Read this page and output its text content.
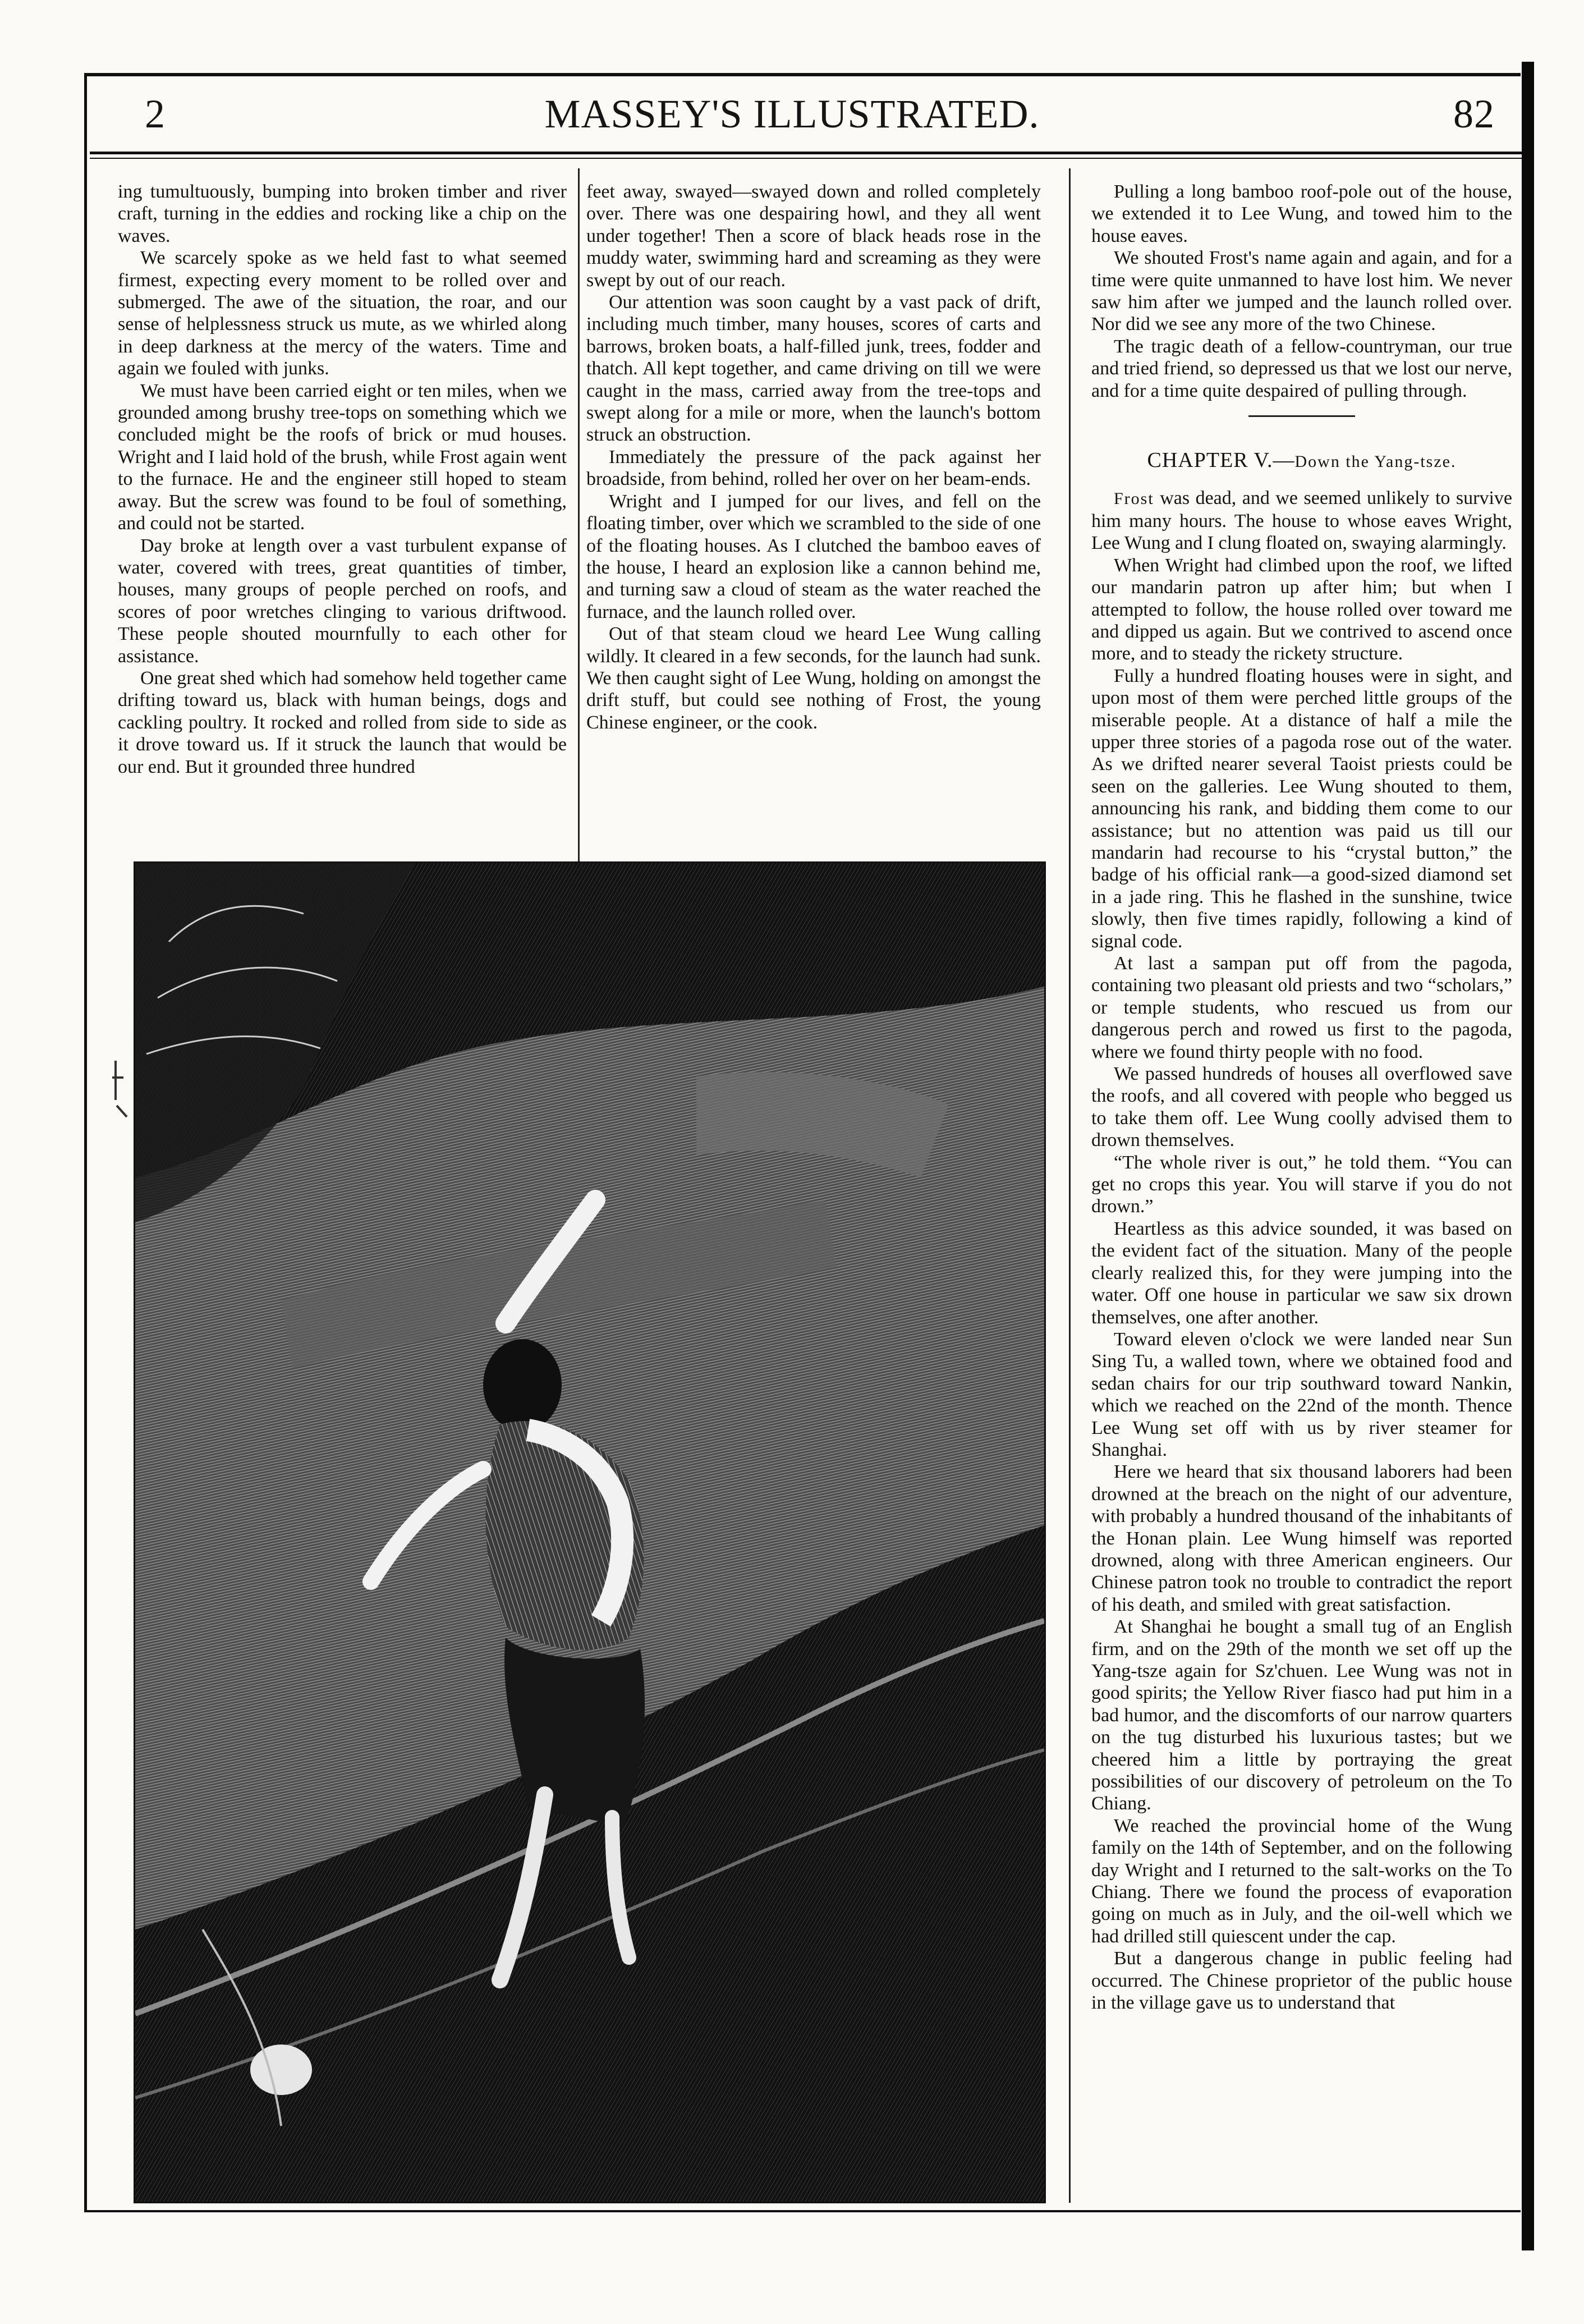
2	MASSEY'S ILLUSTRATED.	82

ing tumultuously, bumping into broken timber and river craft, turning in the eddies and rocking like a chip on the waves.

We scarcely spoke as we held fast to what seemed firmest, expecting every moment to be rolled over and submerged. The awe of the situation, the roar, and our sense of helplessness struck us mute, as we whirled along in deep darkness at the mercy of the waters. Time and again we fouled with junks.

We must have been carried eight or ten miles, when we grounded among brushy tree-tops on something which we concluded might be the roofs of brick or mud houses. Wright and I laid hold of the brush, while Frost again went to the furnace. He and the engineer still hoped to steam away. But the screw was found to be foul of something, and could not be started.

Day broke at length over a vast turbulent expanse of water, covered with trees, great quantities of timber, houses, many groups of people perched on roofs, and scores of poor wretches clinging to various driftwood. These people shouted mournfully to each other for assistance.

One great shed which had somehow held together came drifting toward us, black with human beings, dogs and cackling poultry. It rocked and rolled from side to side as it drove toward us. If it struck the launch that would be our end. But it grounded three hundred

feet away, swayed—swayed down and rolled completely over. There was one despairing howl, and they all went under together! Then a score of black heads rose in the muddy water, swimming hard and screaming as they were swept by out of our reach.

Our attention was soon caught by a vast pack of drift, including much timber, many houses, scores of carts and barrows, broken boats, a half-filled junk, trees, fodder and thatch. All kept together, and came driving on till we were caught in the mass, carried away from the tree-tops and swept along for a mile or more, when the launch's bottom struck an obstruction.

Immediately the pressure of the pack against her broadside, from behind, rolled her over on her beam-ends.

Wright and I jumped for our lives, and fell on the floating timber, over which we scrambled to the side of one of the floating houses. As I clutched the bamboo eaves of the house, I heard an explosion like a cannon behind me, and turning saw a cloud of steam as the water reached the furnace, and the launch rolled over.

Out of that steam cloud we heard Lee Wung calling wildly. It cleared in a few seconds, for the launch had sunk. We then caught sight of Lee Wung, holding on amongst the drift stuff, but could see nothing of Frost, the young Chinese engineer, or the cook.

Pulling a long bamboo roof-pole out of the house, we extended it to Lee Wung, and towed him to the house eaves.

We shouted Frost's name again and again, and for a time were quite unmanned to have lost him. We never saw him after we jumped and the launch rolled over. Nor did we see any more of the two Chinese.

The tragic death of a fellow-countryman, our true and tried friend, so depressed us that we lost our nerve, and for a time quite despaired of pulling through.

CHAPTER V.—Down the Yang-tsze.

Frost was dead, and we seemed unlikely to survive him many hours. The house to whose eaves Wright, Lee Wung and I clung floated on, swaying alarmingly.

When Wright had climbed upon the roof, we lifted our mandarin patron up after him; but when I attempted to follow, the house rolled over toward me and dipped us again. But we contrived to ascend once more, and to steady the rickety structure.

Fully a hundred floating houses were in sight, and upon most of them were perched little groups of the miserable people. At a distance of half a mile the upper three stories of a pagoda rose out of the water. As we drifted nearer several Taoist priests could be seen on the galleries. Lee Wung shouted to them, announcing his rank, and bidding them come to our assistance; but no attention was paid us till our mandarin had recourse to his “crystal button,” the badge of his official rank—a good-sized diamond set in a jade ring. This he flashed in the sunshine, twice slowly, then five times rapidly, following a kind of signal code.

At last a sampan put off from the pagoda, containing two pleasant old priests and two “scholars,” or temple students, who rescued us from our dangerous perch and rowed us first to the pagoda, where we found thirty people with no food.

We passed hundreds of houses all overflowed save the roofs, and all covered with people who begged us to take them off. Lee Wung coolly advised them to drown themselves.

“The whole river is out,” he told them. “You can get no crops this year. You will starve if you do not drown.”

Heartless as this advice sounded, it was based on the evident fact of the situation. Many of the people clearly realized this, for they were jumping into the water. Off one house in particular we saw six drown themselves, one after another.

Toward eleven o'clock we were landed near Sun Sing Tu, a walled town, where we obtained food and sedan chairs for our trip southward toward Nankin, which we reached on the 22nd of the month. Thence Lee Wung set off with us by river steamer for Shanghai.

Here we heard that six thousand laborers had been drowned at the breach on the night of our adventure, with probably a hundred thousand of the inhabitants of the Honan plain. Lee Wung himself was reported drowned, along with three American engineers. Our Chinese patron took no trouble to contradict the report of his death, and smiled with great satisfaction.

At Shanghai he bought a small tug of an English firm, and on the 29th of the month we set off up the Yang-tsze again for Sz'chuen. Lee Wung was not in good spirits; the Yellow River fiasco had put him in a bad humor, and the discomforts of our narrow quarters on the tug disturbed his luxurious tastes; but we cheered him a little by portraying the great possibilities of our discovery of petroleum on the To Chiang.

We reached the provincial home of the Wung family on the 14th of September, and on the following day Wright and I returned to the salt-works on the To Chiang. There we found the process of evaporation going on much as in July, and the oil-well which we had drilled still quiescent under the cap.

But a dangerous change in public feeling had occurred. The Chinese proprietor of the public house in the village gave us to understand that
